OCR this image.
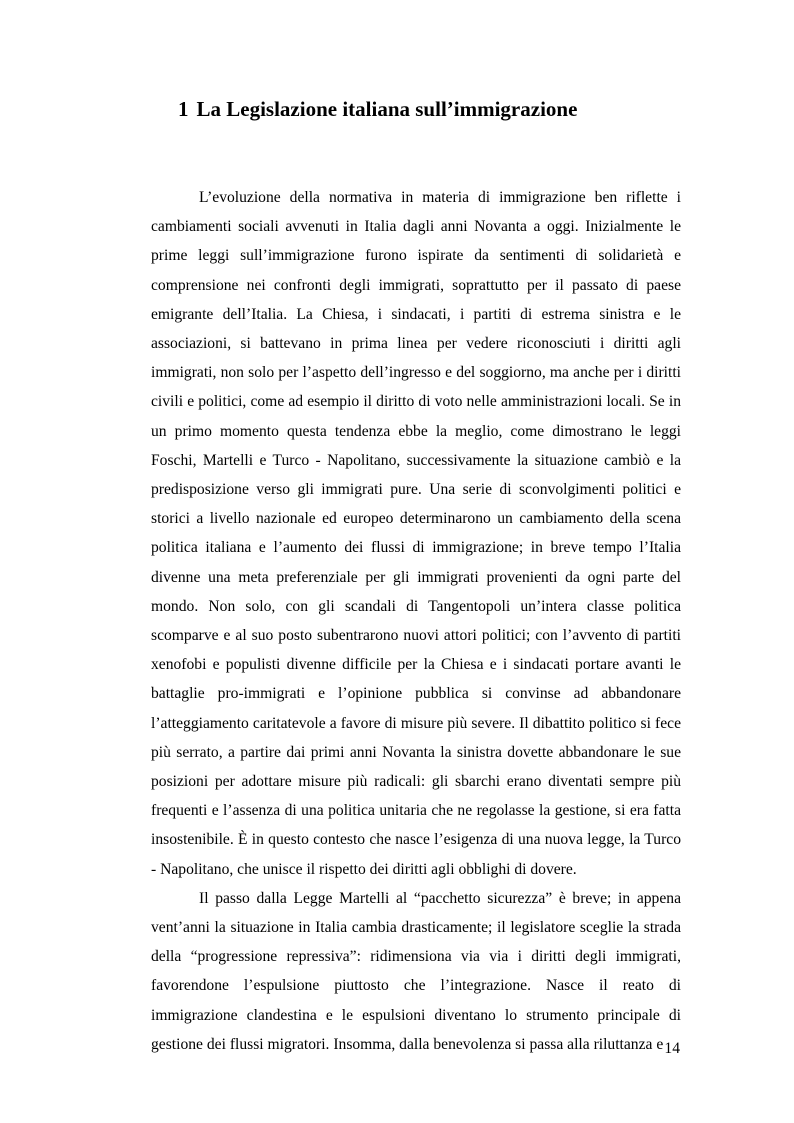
1 La Legislazione italiana sull’immigrazione

L’evoluzione della normativa in materia di immigrazione ben riflette i cambiamenti sociali avvenuti in Italia dagli anni Novanta a oggi. Inizialmente le prime leggi sull’immigrazione furono ispirate da sentimenti di solidarietà e comprensione nei confronti degli immigrati, soprattutto per il passato di paese emigrante dell’Italia. La Chiesa, i sindacati, i partiti di estrema sinistra e le associazioni, si battevano in prima linea per vedere riconosciuti i diritti agli immigrati, non solo per l’aspetto dell’ingresso e del soggiorno, ma anche per i diritti civili e politici, come ad esempio il diritto di voto nelle amministrazioni locali. Se in un primo momento questa tendenza ebbe la meglio, come dimostrano le leggi Foschi, Martelli e Turco - Napolitano, successivamente la situazione cambiò e la predisposizione verso gli immigrati pure. Una serie di sconvolgimenti politici e storici a livello nazionale ed europeo determinarono un cambiamento della scena politica italiana e l’aumento dei flussi di immigrazione; in breve tempo l’Italia divenne una meta preferenziale per gli immigrati provenienti da ogni parte del mondo. Non solo, con gli scandali di Tangentopoli un’intera classe politica scomparve e al suo posto subentrarono nuovi attori politici; con l’avvento di partiti xenofobi e populisti divenne difficile per la Chiesa e i sindacati portare avanti le battaglie pro-immigrati e l’opinione pubblica si convinse ad abbandonare l’atteggiamento caritatevole a favore di misure più severe. Il dibattito politico si fece più serrato, a partire dai primi anni Novanta la sinistra dovette abbandonare le sue posizioni per adottare misure più radicali: gli sbarchi erano diventati sempre più frequenti e l’assenza di una politica unitaria che ne regolasse la gestione, si era fatta insostenibile. È in questo contesto che nasce l’esigenza di una nuova legge, la Turco - Napolitano, che unisce il rispetto dei diritti agli obblighi di dovere.

Il passo dalla Legge Martelli al “pacchetto sicurezza” è breve; in appena vent’anni la situazione in Italia cambia drasticamente; il legislatore sceglie la strada della “progressione repressiva”: ridimensiona via via i diritti degli immigrati, favorendone l’espulsione piuttosto che l’integrazione. Nasce il reato di immigrazione clandestina e le espulsioni diventano lo strumento principale di gestione dei flussi migratori. Insomma, dalla benevolenza si passa alla riluttanza e 14
